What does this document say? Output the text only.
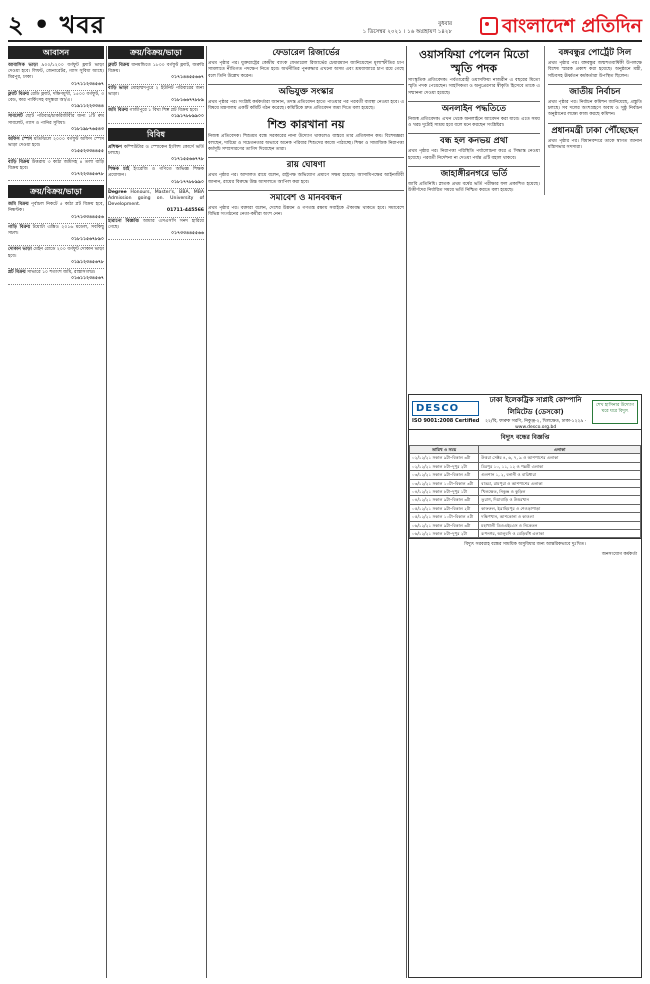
২ • খবর	বুধবার
১ ডিসেম্বর ২০২১ । ১৬ অগ্রহায়ণ ১৪২৮	বাংলাদেশ প্রতিদিন
আবাসন

আবাসিক ভাড়া ৯০০/১২০০ বর্গফুট ফ্ল্যাট ভাড়া দেওয়া হবে। লিফট, জেনারেটর, গ্যাস সুবিধা আছে। মিরপুর, ঢাকা।
০১৭১১২৩৪৫৬৭

ফ্ল্যাট বিক্রয় রেডি ফ্ল্যাট, দক্ষিণমুখী, ১৫০০ বর্গফুট, ৩ বেড, কার পার্কিংসহ বসুন্ধরা আ/এ।
০১৯১১২২৩৩৪৪

সাবলেট ছোট পরিবার/চাকরিজীবীর জন্য ১টি রুম সাবলেট, গ্যাস ও পানির সুবিধা।
০১৮১৯৮৭৬৫৪৩

অফিস স্পেস মতিঝিলে ২০০০ বর্গফুট অফিস স্পেস ভাড়া দেওয়া হবে।
০১৫৫২৩৩৪৪৫৫

বাড়ি বিক্রয় উত্তরায় ৩ কাঠা জমিসহ ৪ তলা বাড়ি বিক্রয় হবে।
০১৭২২৩৪৫৬৭৮

ক্রয়/বিক্রয়/ভাড়া

জমি বিক্রয় পূর্বাচল নিকটে ৫ কাঠা প্লট বিক্রয় হবে, নিষ্কণ্টক।
০১৭১৩৩৪৪৫৫৬

গাড়ি বিক্রয় টয়োটা এক্সিও ২০১৬ মডেল, সবকিছু সচল।
০১৮১১৫৬৭৮৯০

দোকান ভাড়া মেইন রোডে ২০০ বর্গফুট দোকান ভাড়া হবে।
০১৯১২৩৪৫৬৭৮

প্লট বিক্রয় সাভারে ১০ শতাংশ জমি, রাস্তাসংলগ্ন।
০১৬১১২৩৪৫৬৭

ক্রয়/বিক্রয়/ভাড়া

ফ্ল্যাট বিক্রয় ধানমন্ডিতে ১৮০০ বর্গফুট ফ্ল্যাট, জরুরি বিক্রয়।
০১৭১৪৪৫৫৬৬৭

বাড়ি ভাড়া মোহাম্মদপুরে ২ ইউনিট পরিবারের জন্য ভাড়া।
০১৮১৬৬৭৭৮৮৯

জমি বিক্রয় গাজীপুরে ১ বিঘা শিল্প প্লট বিক্রয় হবে।
০১৯১৭৮৮৯৯০০

বিবিধ

প্রশিক্ষণ কম্পিউটার ও স্পোকেন ইংলিশ কোর্সে ভর্তি চলছে।
০১৭১৫৫৬৬৭৭৮

শিক্ষক চাই ইংরেজি ও গণিতে অভিজ্ঞ শিক্ষক প্রয়োজন।
০১৮১৭৭৮৮৯৯০

Degree Honours, Master's, BBA, MBA Admission going on. University of Development.
01711-445566

হারানো বিজ্ঞপ্তি আমার এসএসসি সনদ হারিয়ে গেছে।
০১৭৩৩৪৪৫৫৬৬

ফেডারেল রিজার্ভের

প্রথম পৃষ্ঠার পর। যুক্তরাষ্ট্রের কেন্দ্রীয় ব্যাংক ফেডারেল রিজার্ভের চেয়ারম্যান জানিয়েছেন মূল্যস্ফীতির চাপ সামলাতে নীতিগত পদক্ষেপ নিতে হবে। অর্থনীতির পুনরুদ্ধার এখনো অসম এবং শ্রমবাজারে চাপ রয়ে গেছে বলে তিনি উল্লেখ করেন।

অভিযুক্ত সংস্কার

প্রথম পৃষ্ঠার পর। সংশ্লিষ্ট কর্মকর্তারা জানান, তদন্ত প্রতিবেদন হাতে পাওয়ার পর পরবর্তী ব্যবস্থা নেওয়া হবে। এ বিষয়ে মন্ত্রণালয় একটি কমিটি গঠন করেছে। কমিটিকে দ্রুত প্রতিবেদন জমা দিতে বলা হয়েছে।

শিশু কারখানা নয়

নিজস্ব প্রতিবেদক। শিশুশ্রম বন্ধে সরকারের নানা উদ্যোগ থাকলেও বাস্তবে তার প্রতিফলন কম। বিশেষজ্ঞরা বলছেন, দারিদ্র্য ও সচেতনতার অভাবে অনেক পরিবার শিশুদের কাজে পাঠাচ্ছে। শিক্ষা ও সামাজিক নিরাপত্তা কর্মসূচি সম্প্রসারণের তাগিদ দিয়েছেন তারা।

রায় ঘোষণা

প্রথম পৃষ্ঠার পর। আদালত রায়ে বলেন, রাষ্ট্রপক্ষ অভিযোগ প্রমাণে সক্ষম হয়েছে। আসামিপক্ষের আইনজীবী জানান, রায়ের বিরুদ্ধে উচ্চ আদালতে আপিল করা হবে।

সমাবেশ ও মানববন্ধন

প্রথম পৃষ্ঠার পর। বক্তারা বলেন, দেশের উন্নয়ন ও গণতন্ত্র রক্ষায় সবাইকে ঐক্যবদ্ধ থাকতে হবে। সমাবেশে বিভিন্ন সংগঠনের নেতা-কর্মীরা অংশ নেন।

ওয়াসফিয়া পেলেন মিতো স্মৃতি পদক

সাংস্কৃতিক প্রতিবেদক। পর্বতারোহী ওয়াসফিয়া নাজরীন এ বছরের মিতো স্মৃতি পদক পেয়েছেন। সাহসিকতা ও অনুপ্রেরণার স্বীকৃতি হিসেবে তাকে এ সম্মাননা দেওয়া হয়েছে।

অনলাইন পদ্ধতিতে

নিজস্ব প্রতিবেদক। এখন থেকে অনলাইনে আবেদন করা যাবে। এতে সময় ও খরচ দুটোই সাশ্রয় হবে বলে মনে করছেন সংশ্লিষ্টরা।

বন্ধ হল কনভয় প্রথা

প্রথম পৃষ্ঠার পর। নিরাপত্তা পরিস্থিতি পর্যালোচনা করে এ সিদ্ধান্ত নেওয়া হয়েছে। পরবর্তী নির্দেশনা না দেওয়া পর্যন্ত এটি বহাল থাকবে।

জাহাঙ্গীরনগরে ভর্তি

জাবি প্রতিনিধি। স্নাতক প্রথম বর্ষের ভর্তি পরীক্ষার ফল প্রকাশিত হয়েছে। উত্তীর্ণদের নির্ধারিত সময়ে ভর্তি নিশ্চিত করতে বলা হয়েছে।

বঙ্গবন্ধুর পোর্ট্রেট সিল

প্রথম পৃষ্ঠার পর। বঙ্গবন্ধুর জন্মশতবার্ষিকী উপলক্ষে বিশেষ স্মারক প্রকাশ করা হয়েছে। অনুষ্ঠানে মন্ত্রী, সচিবসহ ঊর্ধ্বতন কর্মকর্তারা উপস্থিত ছিলেন।

জাতীয় নির্বাচন

প্রথম পৃষ্ঠার পর। নির্বাচন কমিশন জানিয়েছে, প্রস্তুতি চলছে। সব দলের অংশগ্রহণে অবাধ ও সুষ্ঠু নির্বাচন অনুষ্ঠানের লক্ষ্যে কাজ করছে কমিশন।

প্রধানমন্ত্রী ঢাকা পৌঁছেছেন

প্রথম পৃষ্ঠার পর। বিমানবন্দরে তাকে স্বাগত জানান মন্ত্রিসভার সদস্যরা।

DESCO
ISO 9001:2008 Certified
ঢাকা ইলেকট্রিক সাপ্লাই কোম্পানি লিমিটেড (ডেসকো)
২২/বি, ফারুক সরণি, নিকুঞ্জ-২, খিলক্ষেত, ঢাকা-১২২৯ · www.desco.org.bd
শেখ হাসিনার উদ্যোগ ঘরে ঘরে বিদ্যুৎ
বিদ্যুৎ বন্ধের বিজ্ঞপ্তি
তারিখ ও সময়	এলাকা
০২/১২/২১ সকাল ৯টা–বিকাল ৩টা	উত্তরা সেক্টর ৪, ৬, ৭, ৯ ও আশপাশের এলাকা
০২/১২/২১ সকাল ৮টা–দুপুর ২টা	মিরপুর ১০, ১১, ১২ ও পল্লবী এলাকা
০৩/১২/২১ সকাল ৯টা–বিকাল ৪টা	গুলশান ১, ২, বনানী ও বারিধারা
০৩/১২/২১ সকাল ১০টা–বিকাল ৩টা	বাড্ডা, রামপুরা ও আশপাশের এলাকা
০৪/১২/২১ সকাল ৮টা–দুপুর ১টা	খিলক্ষেত, নিকুঞ্জ ও কুড়িল
০৪/১২/২১ সকাল ৯টা–বিকাল ৩টা	তুরাগ, দিয়াবাড়ি ও উত্তরখান
০৫/১২/২১ সকাল ৯টা–বিকাল ২টা	কাফরুল, ইব্রাহিমপুর ও শেওড়াপাড়া
০৫/১২/২১ সকাল ১০টা–বিকাল ৪টা	দক্ষিণখান, আশকোনা ও কাওলা
০৬/১২/২১ সকাল ৯টা–বিকাল ৩টা	মহাখালী ডিওএইচএস ও নিকেতন
০৬/১২/২১ সকাল ৮টা–দুপুর ২টা	রূপনগর, আলুবদি ও বেড়িবাঁধ এলাকা
বিদ্যুৎ সরবরাহ বন্ধের সাময়িক অসুবিধার জন্য আন্তরিকভাবে দুঃখিত।
জনসংযোগ কর্মকর্তা
